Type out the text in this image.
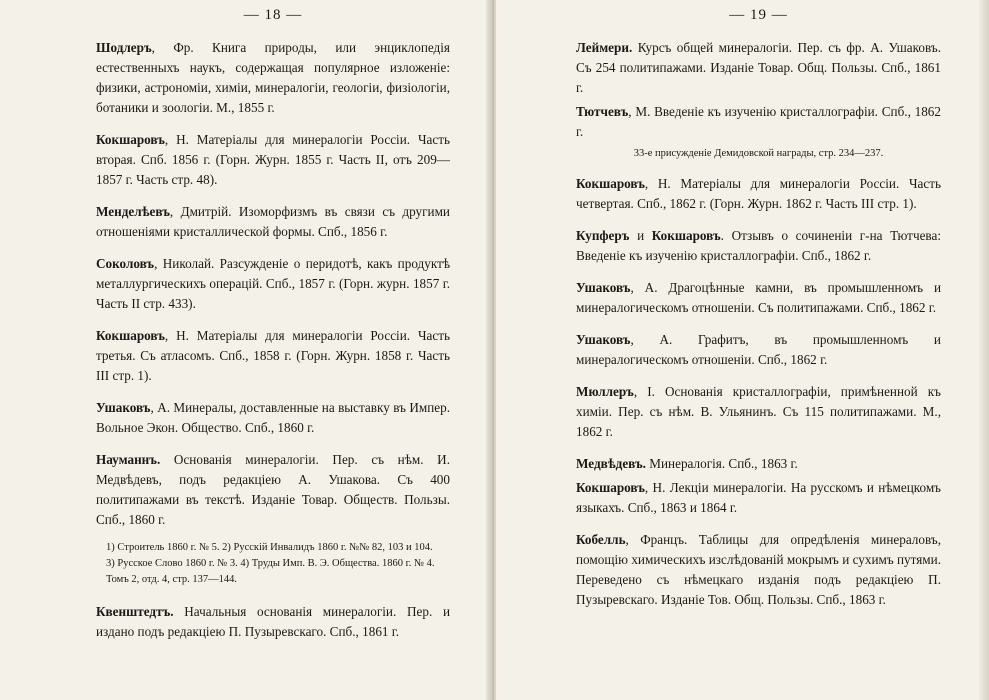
— 18 —

Шодлеръ, Фр. Книга природы, или энциклопедія естественныхъ наукъ, содержащая популярное изложеніе: физики, астрономіи, химіи, минералогіи, геологіи, физіологіи, ботаники и зоологіи. М., 1855 г.

Кокшаровъ, Н. Матеріалы для минералогіи Россіи. Часть вторая. Спб. 1856 г. (Горн. Журн. 1855 г. Часть II, отъ 209—1857 г. Часть стр. 48).

Менделѣевъ, Дмитрій. Изоморфизмъ въ связи съ другими отношеніями кристаллической формы. Спб., 1856 г.

Соколовъ, Николай. Разсужденіе о перидотѣ, какъ продуктѣ металлургическихъ операцій. Спб., 1857 г. (Горн. журн. 1857 г. Часть II стр. 433).

Кокшаровъ, Н. Матеріалы для минералогіи Россіи. Часть третья. Съ атласомъ. Спб., 1858 г. (Горн. Журн. 1858 г. Часть III стр. 1).

Ушаковъ, А. Минералы, доставленные на выставку въ Импер. Вольное Экон. Общество. Спб., 1860 г.

Науманнъ. Основанія минералогіи. Пер. съ нѣм. И. Медвѣдевъ, подъ редакціею А. Ушакова. Съ 400 политипажами въ текстѣ. Изданіе Товар. Обществ. Пользы. Спб., 1860 г.

1) Строитель 1860 г. № 5. 2) Русскій Инвалидъ 1860 г. №№ 82, 103 и 104. 3) Русское Слово 1860 г. № 3. 4) Труды Имп. В. Э. Общества. 1860 г. № 4. Томъ 2, отд. 4, стр. 137—144.

Квенштедтъ. Начальныя основанія минералогіи. Пер. и издано подъ редакціею П. Пузыревскаго. Спб., 1861 г.

— 19 —

Леймери. Курсъ общей минералогіи. Пер. съ фр. А. Ушаковъ. Съ 254 политипажами. Изданіе Товар. Общ. Пользы. Спб., 1861 г.

Тютчевъ, М. Введеніе къ изученію кристаллографіи. Спб., 1862 г.

33-е присужденіе Демидовской награды, стр. 234—237.

Кокшаровъ, Н. Матеріалы для минералогіи Россіи. Часть четвертая. Спб., 1862 г. (Горн. Журн. 1862 г. Часть III стр. 1).

Купферъ и Кокшаровъ. Отзывъ о сочиненіи г-на Тютчева: Введеніе къ изученію кристаллографіи. Спб., 1862 г.

Ушаковъ, А. Драгоцѣнные камни, въ промышленномъ и минералогическомъ отношеніи. Съ политипажами. Спб., 1862 г.

Ушаковъ, А. Графитъ, въ промышленномъ и минералогическомъ отношеніи. Спб., 1862 г.

Мюллеръ, I. Основанія кристаллографіи, примѣненной къ химіи. Пер. съ нѣм. В. Ульянинъ. Съ 115 политипажами. М., 1862 г.

Медвѣдевъ. Минералогія. Спб., 1863 г.

Кокшаровъ, Н. Лекціи минералогіи. На русскомъ и нѣмецкомъ языкахъ. Спб., 1863 и 1864 г.

Кобелль, Францъ. Таблицы для опредѣленія минераловъ, помощію химическихъ изслѣдованій мокрымъ и сухимъ путями. Переведено съ нѣмецкаго изданія подъ редакціею П. Пузыревскаго. Изданіе Тов. Общ. Пользы. Спб., 1863 г.
